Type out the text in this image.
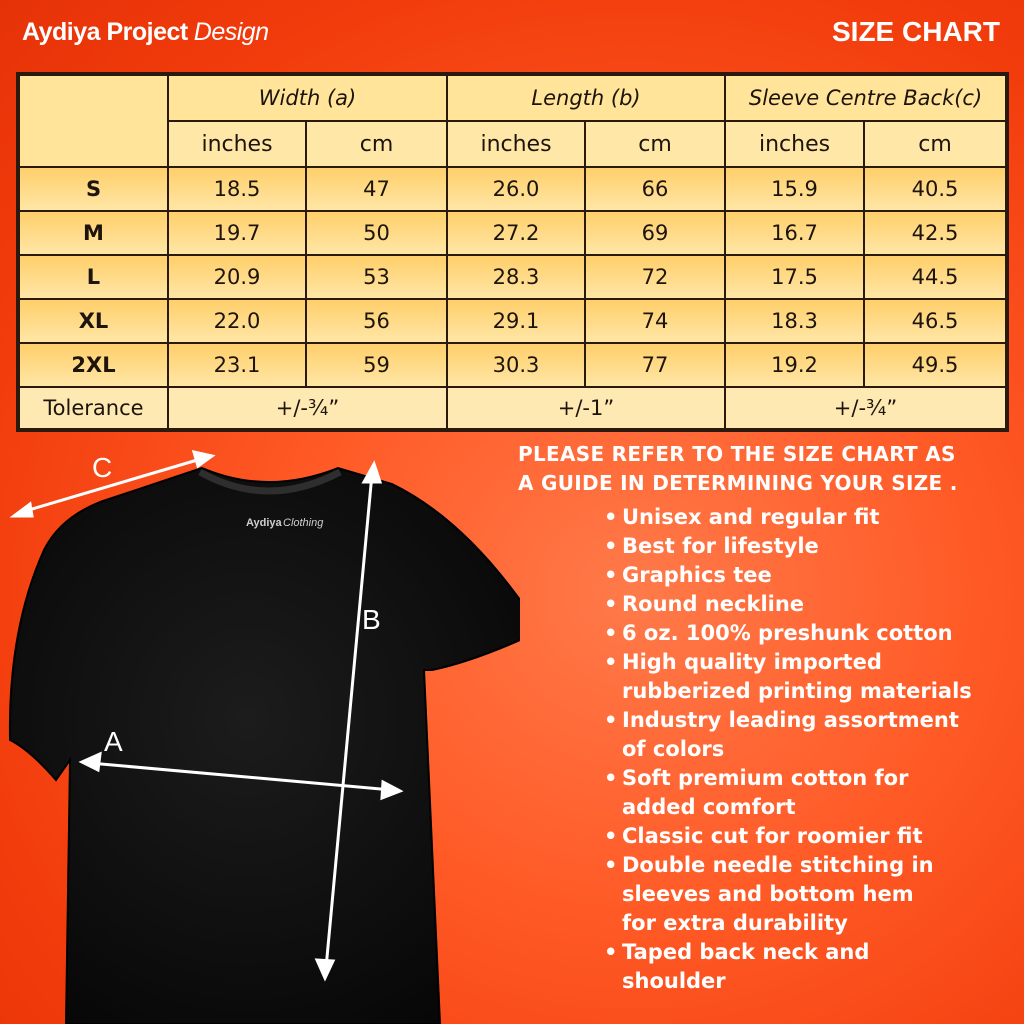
Aydiya Project Design	SIZE CHART
	Width (a)		Length (b)		Sleeve Centre Back(c)	
	inches	cm	inches	cm	inches	cm
S	18.5	47	26.0	66	15.9	40.5
M	19.7	50	27.2	69	16.7	42.5
L	20.9	53	28.3	72	17.5	44.5
XL	22.0	56	29.1	74	18.3	46.5
2XL	23.1	59	30.3	77	19.2	49.5
Tolerance	+/-¾”		+/-1”		+/-¾”	
Aydiya Clothing
C
B
A
PLEASE REFER TO THE SIZE CHART AS
A GUIDE IN DETERMINING YOUR SIZE .
• Unisex and regular fit
• Best for lifestyle
• Graphics tee
• Round neckline
• 6 oz. 100% preshunk cotton
• High quality imported
rubberized printing materials
• Industry leading assortment
of colors
• Soft premium cotton for
added comfort
• Classic cut for roomier fit
• Double needle stitching in
sleeves and bottom hem
for extra durability
• Taped back neck and
shoulder
